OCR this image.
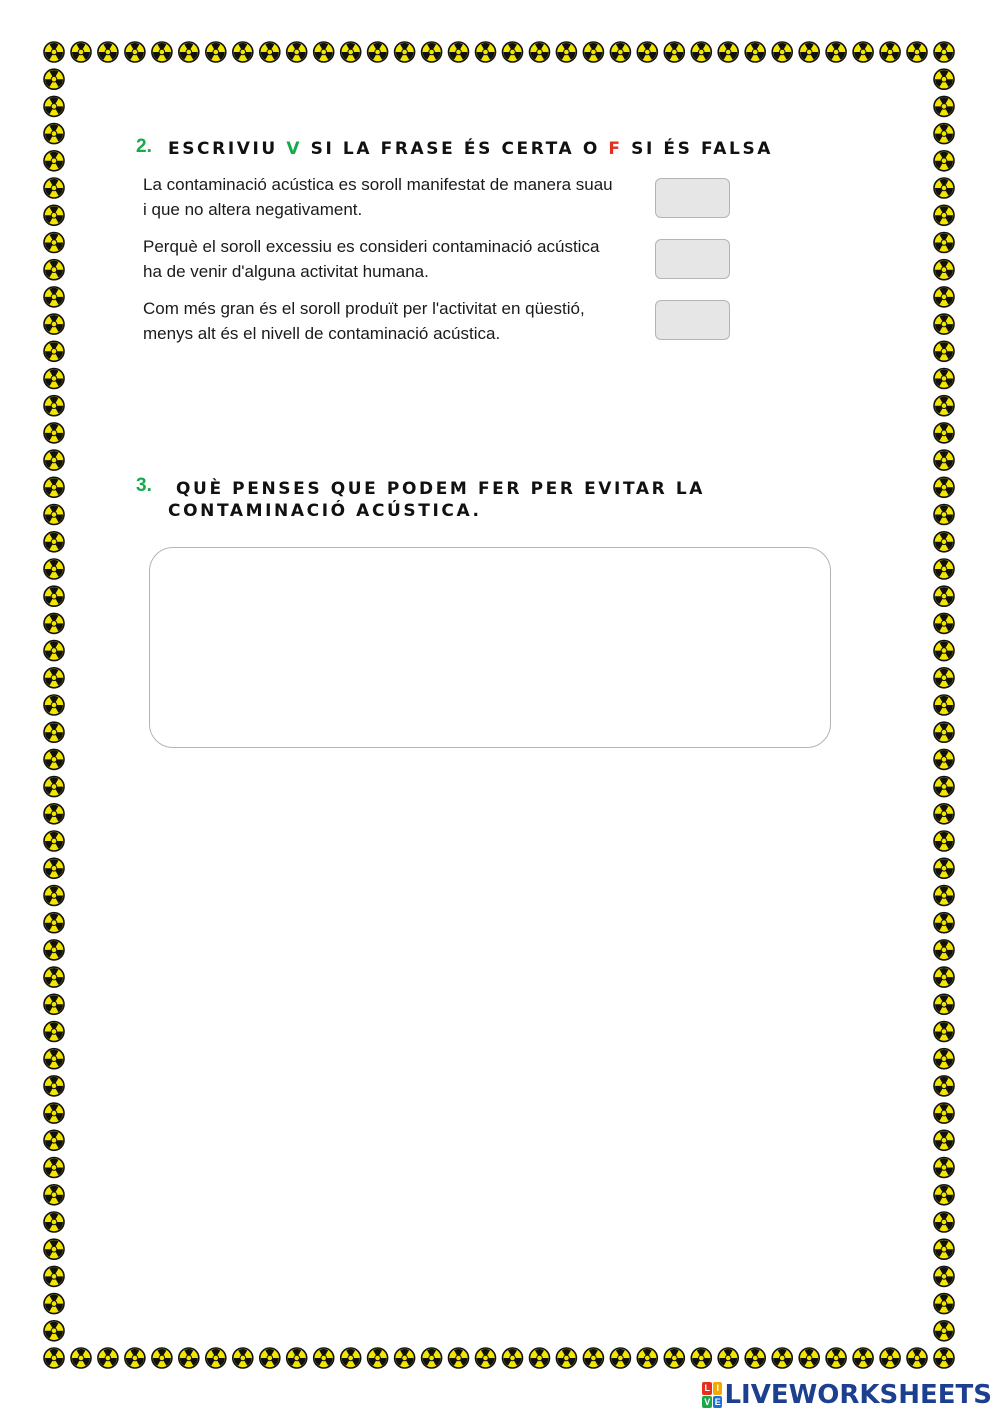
2. ESCRIVIU V SI LA FRASE ÉS CERTA O F SI ÉS FALSA
La contaminació acústica es soroll manifestat de manera suau
i que no altera negativament.
Perquè el soroll excessiu es consideri contaminació acústica
ha de venir d'alguna activitat humana.
Com més gran és el soroll produït per l'activitat en qüestió,
menys alt és el nivell de contaminació acústica.
3.	QUÈ PENSES QUE PODEM FER PER EVITAR LA
CONTAMINACIÓ ACÚSTICA.
L I
V E LIVEWORKSHEETS
